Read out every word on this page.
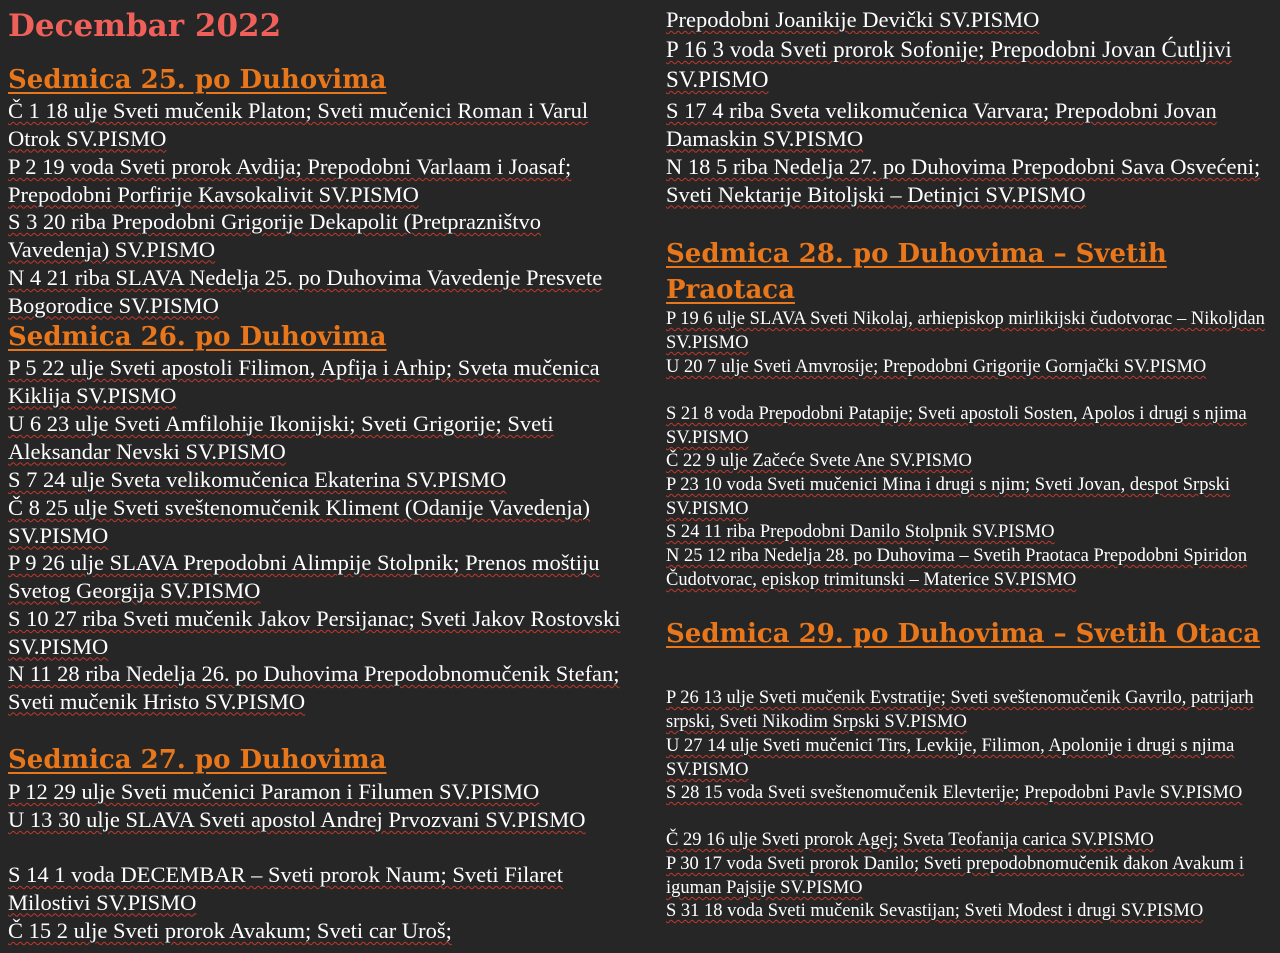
Decembar 2022
Sedmica 25. po Duhovima
Č 1 18 ulje Sveti mučenik Platon; Sveti mučenici Roman i Varul Otrok SV.PISMO
P 2 19 voda Sveti prorok Avdija; Prepodobni Varlaam i Joasaf; Prepodobni Porfirije Kavsokalivit SV.PISMO
S 3 20 riba Prepodobni Grigorije Dekapolit (Pretprazništvo Vavedenja) SV.PISMO
N 4 21 riba SLAVA Nedelja 25. po Duhovima Vavedenje Presvete Bogorodice SV.PISMO
Sedmica 26. po Duhovima
P 5 22 ulje Sveti apostoli Filimon, Apfija i Arhip; Sveta mučenica Kiklija SV.PISMO
U 6 23 ulje Sveti Amfilohije Ikonijski; Sveti Grigorije; Sveti Aleksandar Nevski SV.PISMO
S 7 24 ulje Sveta velikomučenica Ekaterina SV.PISMO
Č 8 25 ulje Sveti sveštenomučenik Kliment (Odanije Vavedenja) SV.PISMO
P 9 26 ulje SLAVA Prepodobni Alimpije Stolpnik; Prenos moštiju Svetog Georgija SV.PISMO
S 10 27 riba Sveti mučenik Jakov Persijanac; Sveti Jakov Rostovski SV.PISMO
N 11 28 riba Nedelja 26. po Duhovima Prepodobnomučenik Stefan; Sveti mučenik Hristo SV.PISMO
Sedmica 27. po Duhovima
P 12 29 ulje Sveti mučenici Paramon i Filumen SV.PISMO
U 13 30 ulje SLAVA Sveti apostol Andrej Prvozvani SV.PISMO
S 14 1 voda DECEMBAR – Sveti prorok Naum; Sveti Filaret Milostivi SV.PISMO
Č 15 2 ulje Sveti prorok Avakum; Sveti car Uroš;
Prepodobni Joanikije Devički SV.PISMO
P 16 3 voda Sveti prorok Sofonije; Prepodobni Jovan Ćutljivi SV.PISMO
S 17 4 riba Sveta velikomučenica Varvara; Prepodobni Jovan Damaskin SV.PISMO
N 18 5 riba Nedelja 27. po Duhovima Prepodobni Sava Osvećeni; Sveti Nektarije Bitoljski – Detinjci SV.PISMO
Sedmica 28. po Duhovima – Svetih Praotaca
P 19 6 ulje SLAVA Sveti Nikolaj, arhiepiskop mirlikijski čudotvorac – Nikoljdan SV.PISMO
U 20 7 ulje Sveti Amvrosije; Prepodobni Grigorije Gornjački SV.PISMO
S 21 8 voda Prepodobni Patapije; Sveti apostoli Sosten, Apolos i drugi s njima SV.PISMO
Č 22 9 ulje Začeće Svete Ane SV.PISMO
P 23 10 voda Sveti mučenici Mina i drugi s njim; Sveti Jovan, despot Srpski SV.PISMO
S 24 11 riba Prepodobni Danilo Stolpnik SV.PISMO
N 25 12 riba Nedelja 28. po Duhovima – Svetih Praotaca Prepodobni Spiridon Čudotvorac, episkop trimitunski – Materice SV.PISMO
Sedmica 29. po Duhovima – Svetih Otaca
P 26 13 ulje Sveti mučenik Evstratije; Sveti sveštenomučenik Gavrilo, patrijarh srpski, Sveti Nikodim Srpski SV.PISMO
U 27 14 ulje Sveti mučenici Tirs, Levkije, Filimon, Apolonije i drugi s njima SV.PISMO
S 28 15 voda Sveti sveštenomučenik Elevterije; Prepodobni Pavle SV.PISMO
Č 29 16 ulje Sveti prorok Agej; Sveta Teofanija carica SV.PISMO
P 30 17 voda Sveti prorok Danilo; Sveti prepodobnomučenik đakon Avakum i iguman Pajsije SV.PISMO
S 31 18 voda Sveti mučenik Sevastijan; Sveti Modest i drugi SV.PISMO
